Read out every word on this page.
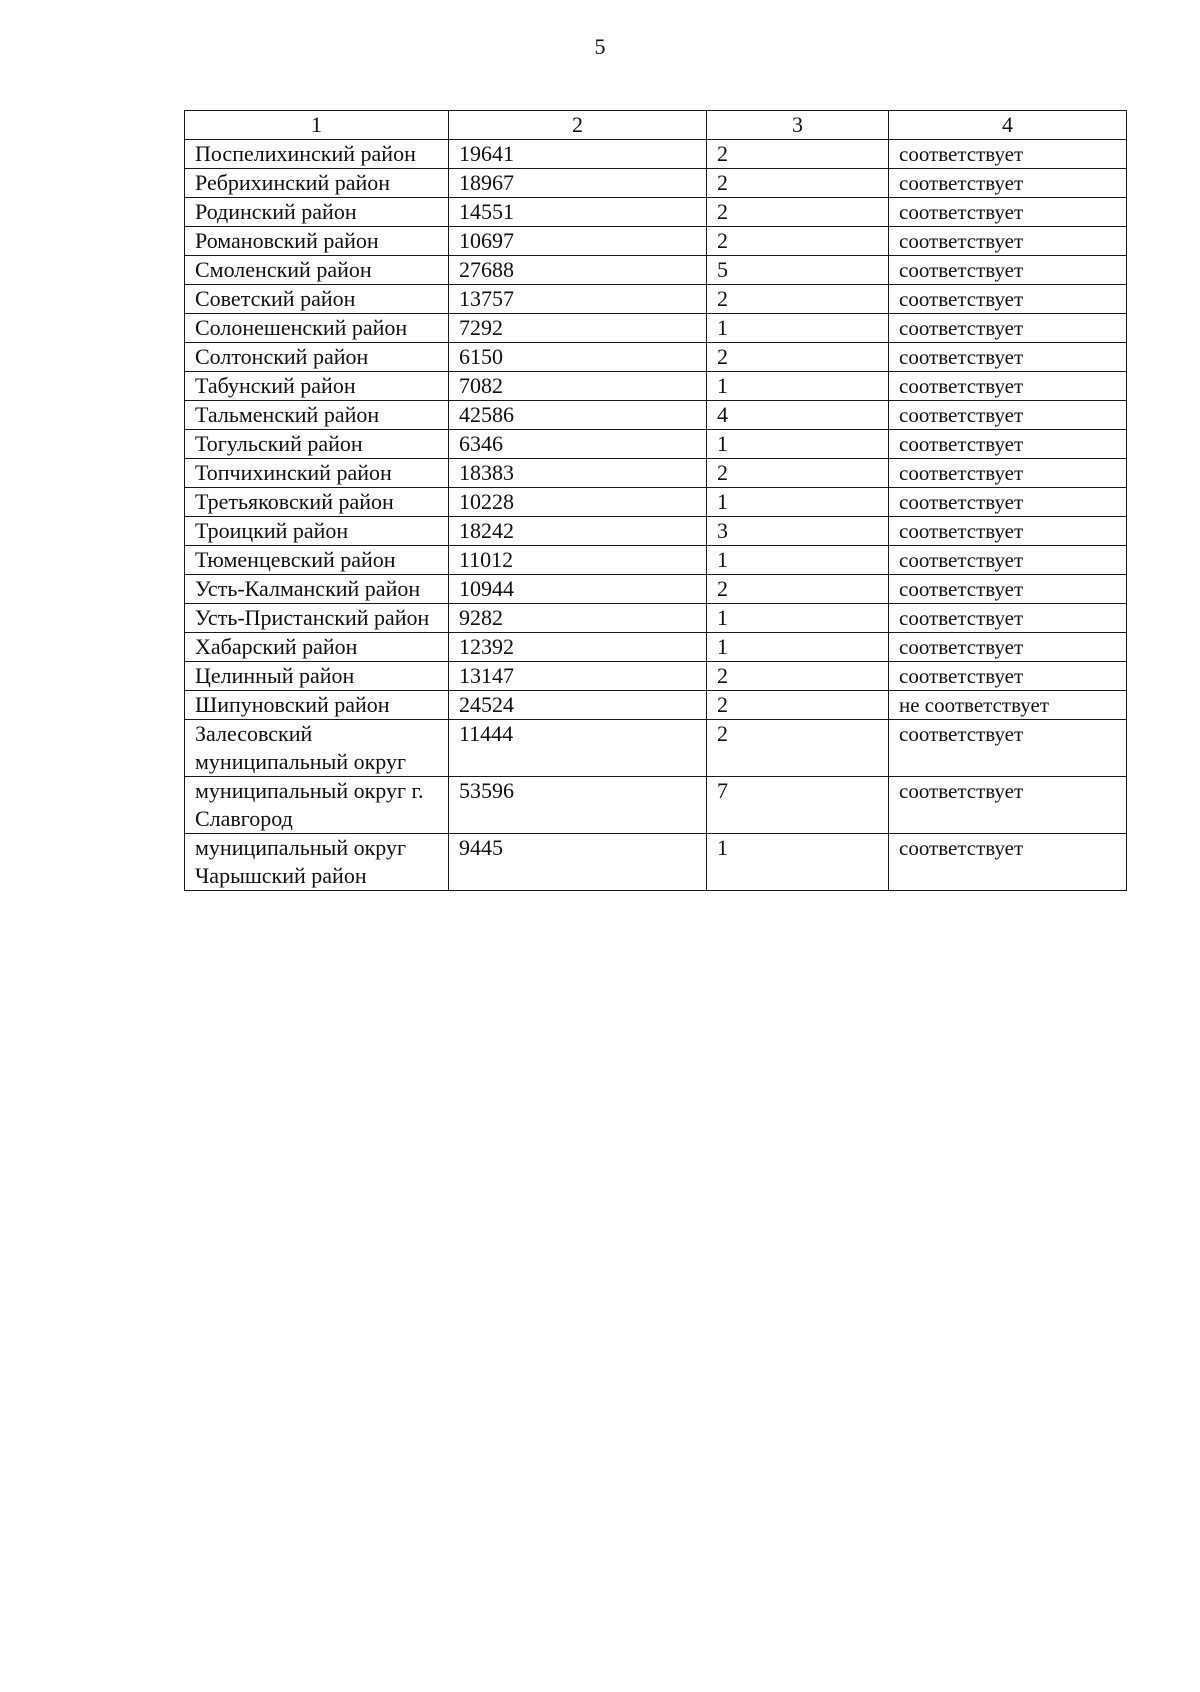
5
1	2	3	4
Поспелихинский район	19641	2	соответствует
Ребрихинский район	18967	2	соответствует
Родинский район	14551	2	соответствует
Романовский район	10697	2	соответствует
Смоленский район	27688	5	соответствует
Советский район	13757	2	соответствует
Солонешенский район	7292	1	соответствует
Солтонский район	6150	2	соответствует
Табунский район	7082	1	соответствует
Тальменский район	42586	4	соответствует
Тогульский район	6346	1	соответствует
Топчихинский район	18383	2	соответствует
Третьяковский район	10228	1	соответствует
Троицкий район	18242	3	соответствует
Тюменцевский район	11012	1	соответствует
Усть-Калманский район	10944	2	соответствует
Усть-Пристанский район	9282	1	соответствует
Хабарский район	12392	1	соответствует
Целинный район	13147	2	соответствует
Шипуновский район	24524	2	не соответствует
Залесовский муниципальный округ	11444	2	соответствует
муниципальный округ г. Славгород	53596	7	соответствует
муниципальный округ Чарышский район	9445	1	соответствует
